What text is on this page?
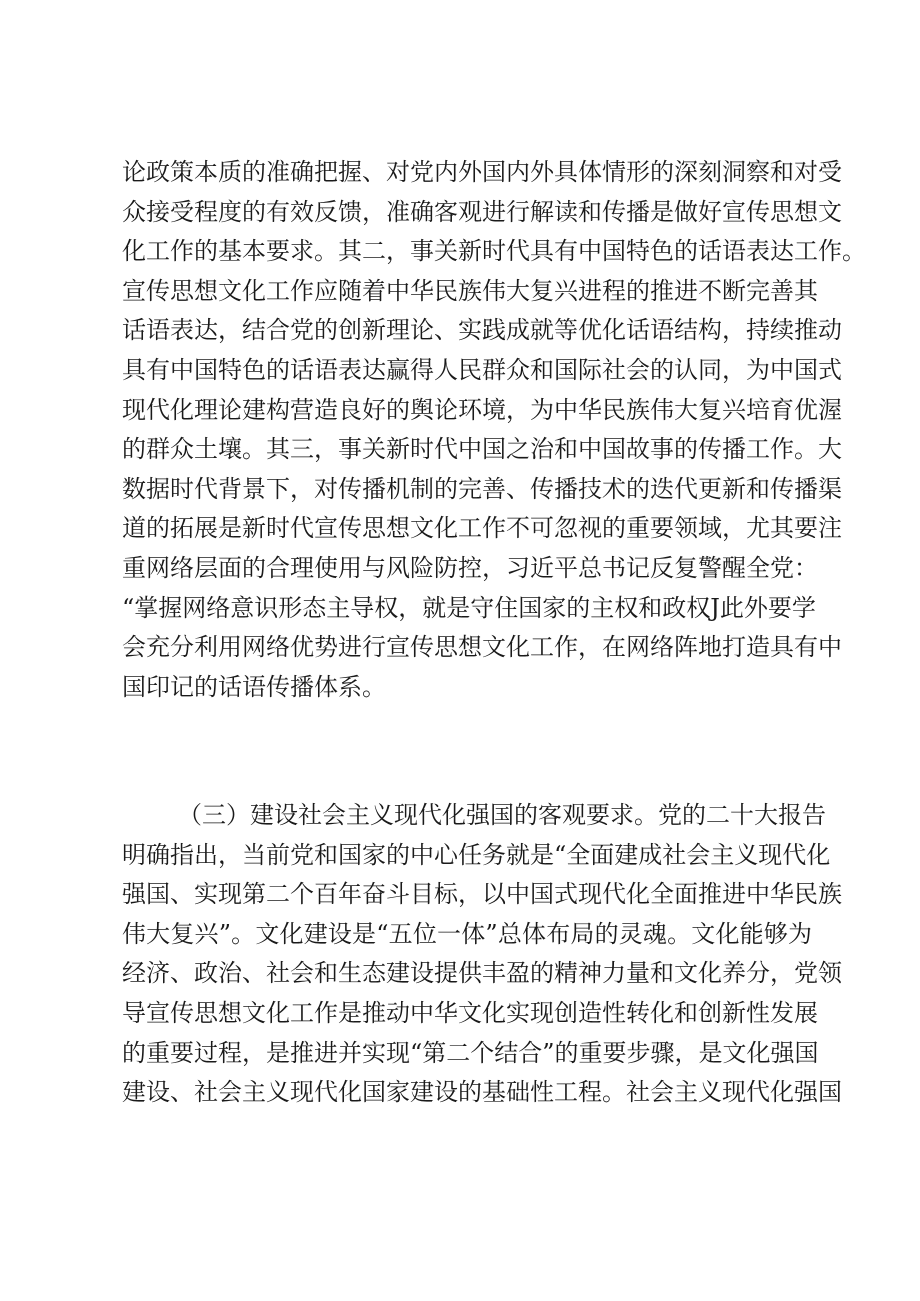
论政策本质的准确把握、对党内外国内外具体情形的深刻洞察和对受
众接受程度的有效反馈，准确客观进行解读和传播是做好宣传思想文
化工作的基本要求。其二，事关新时代具有中国特色的话语表达工作。
宣传思想文化工作应随着中华民族伟大复兴进程的推进不断完善其
话语表达，结合党的创新理论、实践成就等优化话语结构，持续推动
具有中国特色的话语表达赢得人民群众和国际社会的认同，为中国式
现代化理论建构营造良好的舆论环境，为中华民族伟大复兴培育优渥
的群众土壤。其三，事关新时代中国之治和中国故事的传播工作。大
数据时代背景下，对传播机制的完善、传播技术的迭代更新和传播渠
道的拓展是新时代宣传思想文化工作不可忽视的重要领域，尤其要注
重网络层面的合理使用与风险防控，习近平总书记反复警醒全党：
“掌握网络意识形态主导权，就是守住国家的主权和政权J此外要学
会充分利用网络优势进行宣传思想文化工作，在网络阵地打造具有中
国印记的话语传播体系。
（三）建设社会主义现代化强国的客观要求。党的二十大报告
明确指出，当前党和国家的中心任务就是“全面建成社会主义现代化
强国、实现第二个百年奋斗目标，以中国式现代化全面推进中华民族
伟大复兴”。文化建设是“五位一体”总体布局的灵魂。文化能够为
经济、政治、社会和生态建设提供丰盈的精神力量和文化养分，党领
导宣传思想文化工作是推动中华文化实现创造性转化和创新性发展
的重要过程，是推进并实现“第二个结合”的重要步骤，是文化强国
建设、社会主义现代化国家建设的基础性工程。社会主义现代化强国
